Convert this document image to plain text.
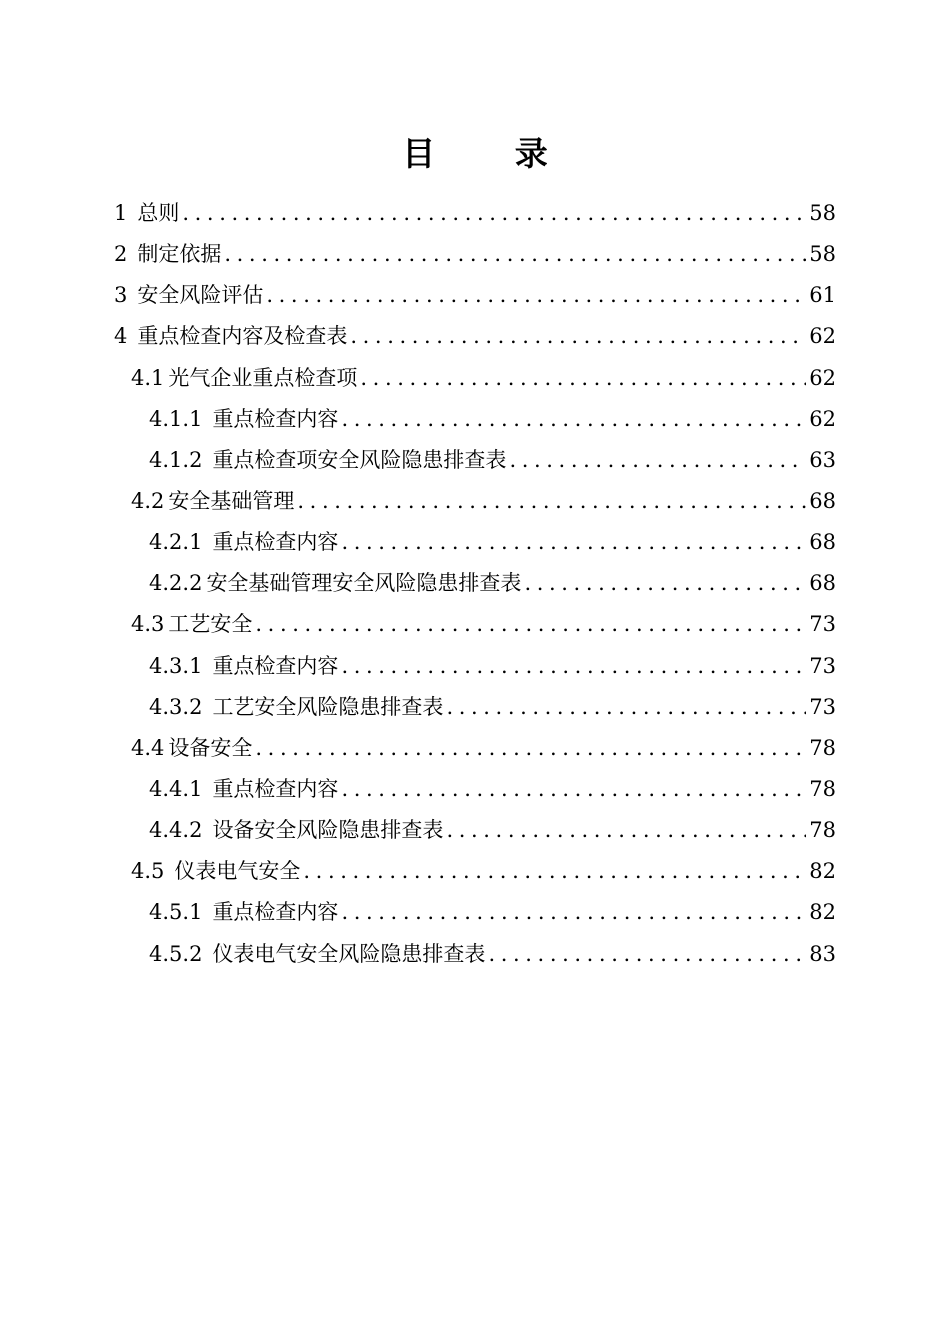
目 录
1 总则 .....	58
2 制定依据 .....	58
3 安全风险评估 .....	61
4 重点检查内容及检查表 .....	62
4.1 光气企业重点检查项 .....	62
4.1.1 重点检查内容 .....	62
4.1.2 重点检查项安全风险隐患排查表 .....	63
4.2 安全基础管理 .....	68
4.2.1 重点检查内容 .....	68
4.2.2 安全基础管理安全风险隐患排查表 .....	68
4.3 工艺安全 .....	73
4.3.1 重点检查内容 .....	73
4.3.2 工艺安全风险隐患排查表 .....	73
4.4 设备安全 .....	78
4.4.1 重点检查内容 .....	78
4.4.2 设备安全风险隐患排查表 .....	78
4.5 仪表电气安全 .....	82
4.5.1 重点检查内容 .....	82
4.5.2 仪表电气安全风险隐患排查表 .....	83
